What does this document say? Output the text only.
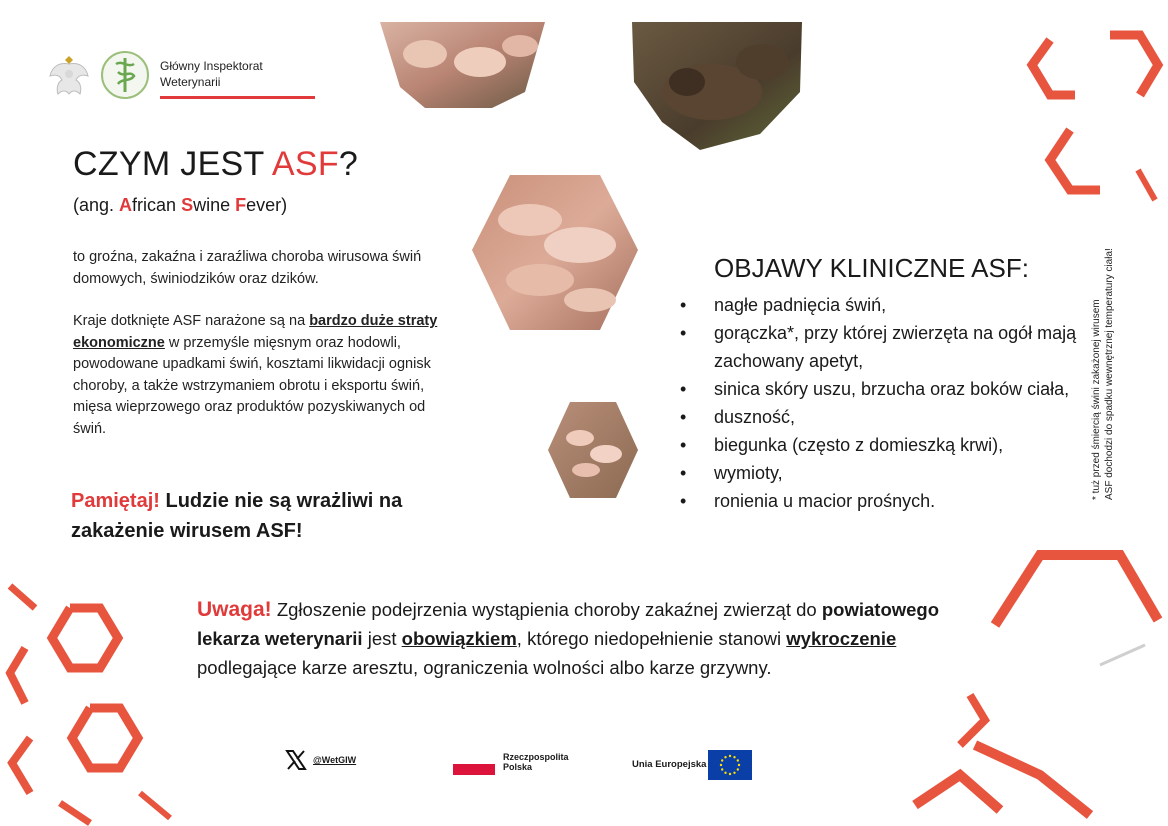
Główny Inspektorat
Weterynarii
CZYM JEST ASF?
(ang. African Swine Fever)
to groźna, zakaźna i zaraźliwa choroba wirusowa świń domowych, świniodzików oraz dzików.
Kraje dotknięte ASF narażone są na bardzo duże straty ekonomiczne w przemyśle mięsnym oraz hodowli, powodowane upadkami świń, kosztami likwidacji ognisk choroby, a także wstrzymaniem obrotu i eksportu świń, mięsa wieprzowego oraz produktów pozyskiwanych od świń.
Pamiętaj! Ludzie nie są wrażliwi na zakażenie wirusem ASF!
OBJAWY KLINICZNE ASF:
• nagłe padnięcia świń,
• gorączka*, przy której zwierzęta na ogół mają zachowany apetyt,
• sinica skóry uszu, brzucha oraz boków ciała,
• duszność,
• biegunka (często z domieszką krwi),
• wymioty,
• ronienia u macior prośnych.
* tuż przed śmiercią świni zakażonej wirusem ASF dochodzi do spadku wewnętrznej temperatury ciała!
Uwaga! Zgłoszenie podejrzenia wystąpienia choroby zakaźnej zwierząt do powiatowego lekarza weterynarii jest obowiązkiem, którego niedopełnienie stanowi wykroczenie podlegające karze aresztu, ograniczenia wolności albo karze grzywny.
@WetGIW	Rzeczpospolita
Polska	Unia Europejska
